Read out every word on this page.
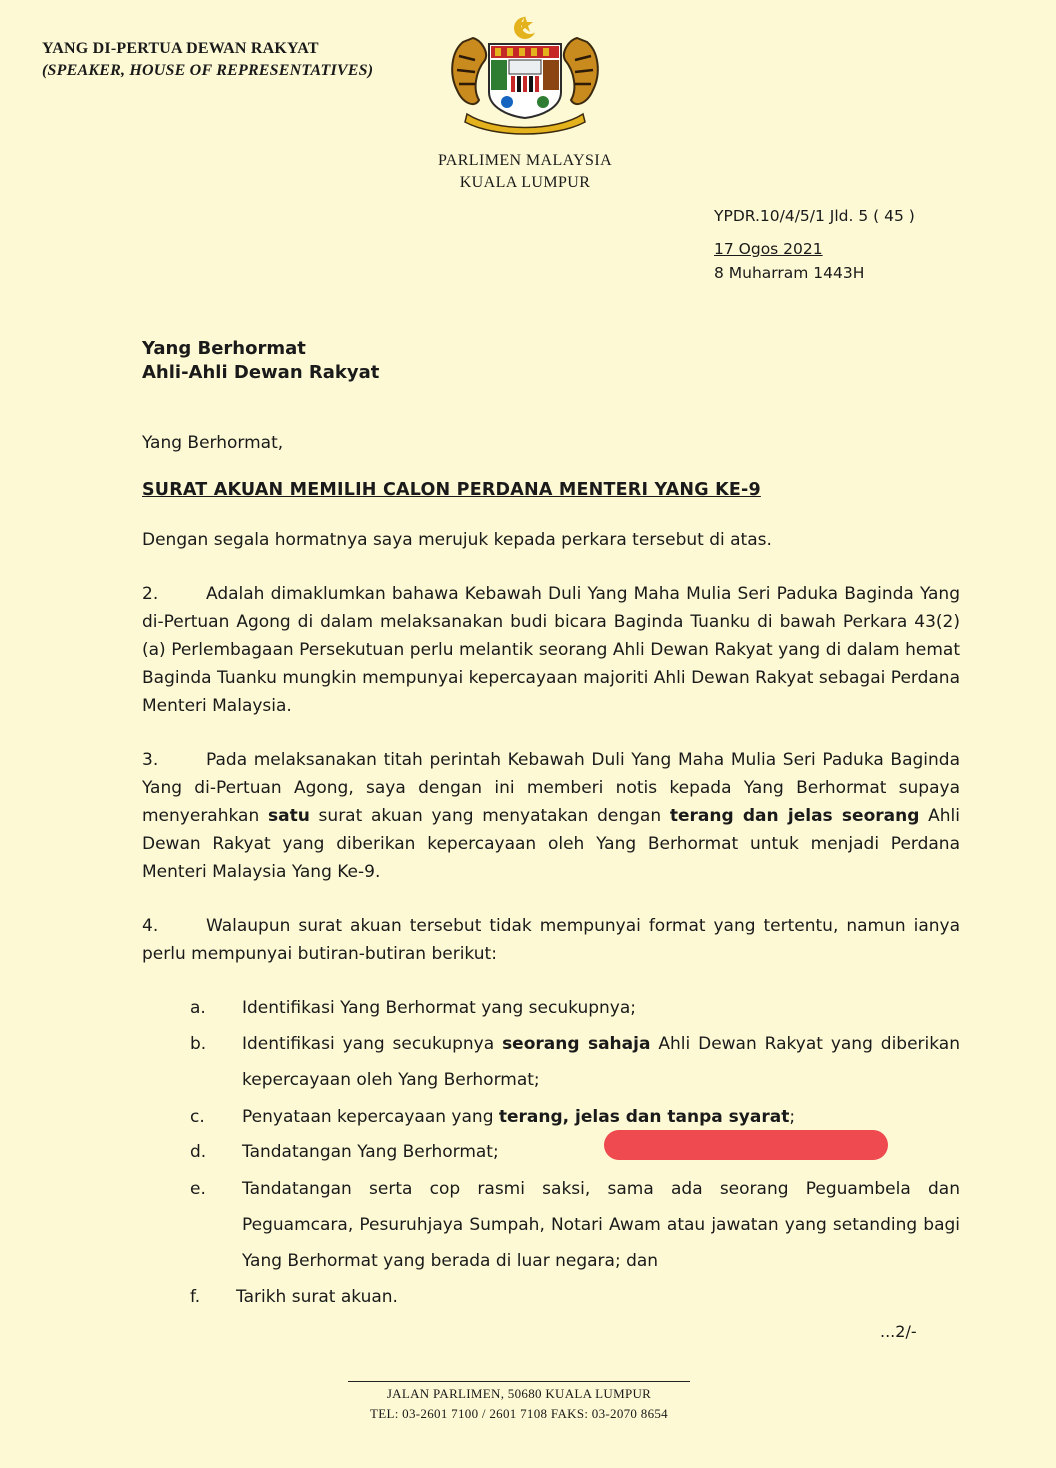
YANG DI-PERTUA DEWAN RAKYAT
(SPEAKER, HOUSE OF REPRESENTATIVES)
PARLIMEN MALAYSIA
KUALA LUMPUR
YPDR.10/4/5/1 Jld. 5 ( 45 )
17 Ogos 2021
8 Muharram 1443H
Yang Berhormat
Ahli-Ahli Dewan Rakyat
Yang Berhormat,
SURAT AKUAN MEMILIH CALON PERDANA MENTERI YANG KE-9
Dengan segala hormatnya saya merujuk kepada perkara tersebut di atas.
2.	Adalah dimaklumkan bahawa Kebawah Duli Yang Maha Mulia Seri Paduka Baginda Yang di-Pertuan Agong di dalam melaksanakan budi bicara Baginda Tuanku di bawah Perkara 43(2)(a) Perlembagaan Persekutuan perlu melantik seorang Ahli Dewan Rakyat yang di dalam hemat Baginda Tuanku mungkin mempunyai kepercayaan majoriti Ahli Dewan Rakyat sebagai Perdana Menteri Malaysia.
3.	Pada melaksanakan titah perintah Kebawah Duli Yang Maha Mulia Seri Paduka Baginda Yang di-Pertuan Agong, saya dengan ini memberi notis kepada Yang Berhormat supaya menyerahkan satu surat akuan yang menyatakan dengan terang dan jelas seorang Ahli Dewan Rakyat yang diberikan kepercayaan oleh Yang Berhormat untuk menjadi Perdana Menteri Malaysia Yang Ke-9.
4.	Walaupun surat akuan tersebut tidak mempunyai format yang tertentu, namun ianya perlu mempunyai butiran-butiran berikut:
a. Identifikasi Yang Berhormat yang secukupnya;
b. Identifikasi yang secukupnya seorang sahaja Ahli Dewan Rakyat yang diberikan kepercayaan oleh Yang Berhormat;
c. Penyataan kepercayaan yang terang, jelas dan tanpa syarat;
d. Tandatangan Yang Berhormat;
e. Tandatangan serta cop rasmi saksi, sama ada seorang Peguambela dan Peguamcara, Pesuruhjaya Sumpah, Notari Awam atau jawatan yang setanding bagi Yang Berhormat yang berada di luar negara; dan
f. Tarikh surat akuan.
...2/-
JALAN PARLIMEN, 50680 KUALA LUMPUR
TEL: 03-2601 7100 / 2601 7108 FAKS: 03-2070 8654
